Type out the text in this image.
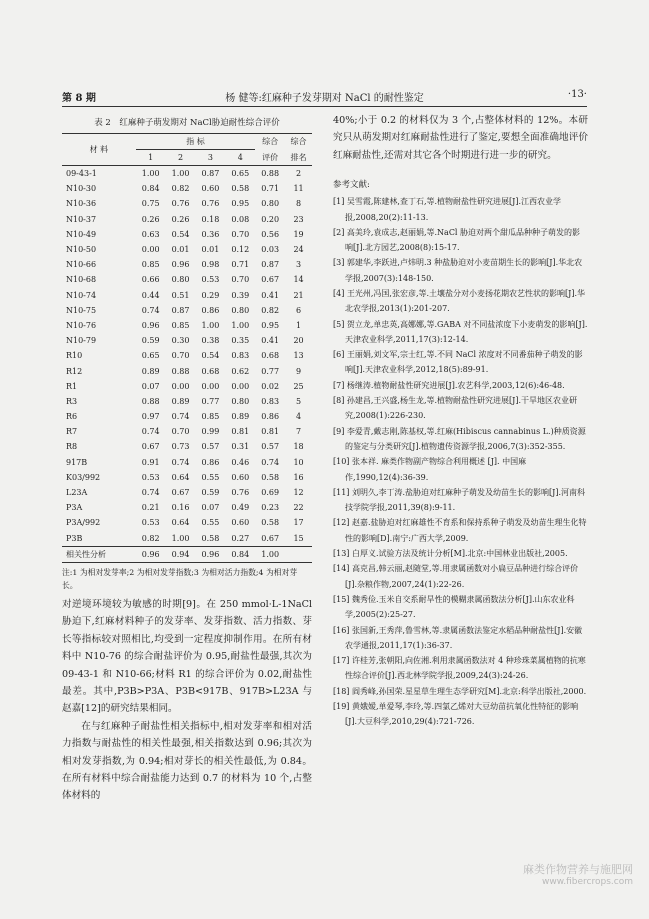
第 8 期	杨 健等:红麻种子发芽期对 NaCl 的耐性鉴定	·13·
表 2　红麻种子萌发期对 NaCl胁迫耐性综合评价
材 料	指 标				综合	综合
	1	2	3	4	评价	排名
09-43-1	1.00	1.00	0.87	0.65	0.88	2
N10-30	0.84	0.82	0.60	0.58	0.71	11
N10-36	0.75	0.76	0.76	0.95	0.80	8
N10-37	0.26	0.26	0.18	0.08	0.20	23
N10-49	0.63	0.54	0.36	0.70	0.56	19
N10-50	0.00	0.01	0.01	0.12	0.03	24
N10-66	0.85	0.96	0.98	0.71	0.87	3
N10-68	0.66	0.80	0.53	0.70	0.67	14
N10-74	0.44	0.51	0.29	0.39	0.41	21
N10-75	0.74	0.87	0.86	0.80	0.82	6
N10-76	0.96	0.85	1.00	1.00	0.95	1
N10-79	0.59	0.30	0.38	0.35	0.41	20
R10	0.65	0.70	0.54	0.83	0.68	13
R12	0.89	0.88	0.68	0.62	0.77	9
R1	0.07	0.00	0.00	0.00	0.02	25
R3	0.88	0.89	0.77	0.80	0.83	5
R6	0.97	0.74	0.85	0.89	0.86	4
R7	0.74	0.70	0.99	0.81	0.81	7
R8	0.67	0.73	0.57	0.31	0.57	18
917B	0.91	0.74	0.86	0.46	0.74	10
K03/992	0.53	0.64	0.55	0.60	0.58	16
L23A	0.74	0.67	0.59	0.76	0.69	12
P3A	0.21	0.16	0.07	0.49	0.23	22
P3A/992	0.53	0.64	0.55	0.60	0.58	17
P3B	0.82	1.00	0.58	0.27	0.67	15
相关性分析	0.96	0.94	0.96	0.84	1.00	
注:1 为相对发芽率;2 为相对发芽指数;3 为相对活力指数;4 为相对芽长。

对逆境环境较为敏感的时期[9]。在 250 mmol·L-1NaCl 胁迫下,红麻材料种子的发芽率、发芽指数、活力指数、芽长等指标较对照相比,均受到一定程度抑制作用。在所有材料中 N10-76 的综合耐盐评价为 0.95,耐盐性最强,其次为 09-43-1 和 N10-66;材料 R1 的综合评价为 0.02,耐盐性最差。其中,P3B>P3A、P3B<917B、917B>L23A 与赵嘉[12]的研究结果相同。

在与红麻种子耐盐性相关指标中,相对发芽率和相对活力指数与耐盐性的相关性最强,相关指数达到 0.96;其次为相对发芽指数,为 0.94;相对芽长的相关性最低,为 0.84。在所有材料中综合耐盐能力达到 0.7 的材料为 10 个,占整体材料的

40%;小于 0.2 的材料仅为 3 个,占整体材料的 12%。本研究只从萌发期对红麻耐盐性进行了鉴定,要想全面准确地评价红麻耐盐性,还需对其它各个时期进行进一步的研究。

参考文献:

[1] 吴雪霞,陈建林,查丁石,等.植物耐盐性研究进展[J].江西农业学报,2008,20(2):11-13.

[2] 高美玲,袁成志,赵丽娟,等.NaCl 胁迫对两个甜瓜品种种子萌发的影响[J].北方园艺,2008(8):15-17.

[3] 郭建华,李跃进,卢炜明.3 种盐胁迫对小麦苗期生长的影响[J].华北农学报,2007(3):148-150.

[4] 王光州,冯国,张宏彦,等.土壤盐分对小麦扬花期农艺性状的影响[J].华北农学报,2013(1):201-207.

[5] 贺立龙,单忠英,高娜娜,等.GABA 对不同盐浓度下小麦萌发的影响[J].天津农业科学,2011,17(3):12-14.

[6] 王丽娟,刘文军,宗士红,等.不同 NaCl 浓度对不同番茄种子萌发的影响[J].天津农业科学,2012,18(5):89-91.

[7] 杨继涛.植物耐盐性研究进展[J].农艺科学,2003,12(6):46-48.

[8] 孙建昌,王兴盛,杨生龙,等.植物耐盐性研究进展[J].干旱地区农业研究,2008(1):226-230.

[9] 李爱青,戴志刚,陈基权,等.红麻(Hibiscus cannabinus L.)种质资源的鉴定与分类研究[J].植物遗传资源学报,2006,7(3):352-355.

[10] 张本祥. 麻类作物副产物综合利用概述 [J]. 中国麻作,1990,12(4):36-39.

[11] 刘明久,李丁涛.盐胁迫对红麻种子萌发及幼苗生长的影响[J].河南科技学院学报,2011,39(8):9-11.

[12] 赵嘉.盐胁迫对红麻雄性不育系和保持系种子萌发及幼苗生理生化特性的影响[D].南宁:广西大学,2009.

[13] 白厚义.试验方法及统计分析[M].北京:中国林业出版社,2005.

[14] 高克昌,韩云丽,赵随堂,等.用隶属函数对小扁豆品种进行综合评价[J].杂粮作物,2007,24(1):22-26.

[15] 魏秀俭.玉米自交系耐旱性的模糊隶属函数法分析[J].山东农业科学,2005(2):25-27.

[16] 张国新,王秀萍,鲁雪林,等.隶属函数法鉴定水稻品种耐盐性[J].安徽农学通报,2011,17(1):36-37.

[17] 许桂芳,张朝阳,向佐湘.利用隶属函数法对 4 种珍珠菜属植物的抗寒性综合评价[J].西北林学院学报,2009,24(3):24-26.

[18] 阎秀峰,孙国荣.星星草生理生态学研究[M].北京:科学出版社,2000.

[19] 黄娥嫒,单爱琴,李玲,等.四氯乙烯对大豆幼苗抗氧化性特征的影响[J].大豆科学,2010,29(4):721-726.

麻类作物营养与施肥网
www.fibercrops.com
